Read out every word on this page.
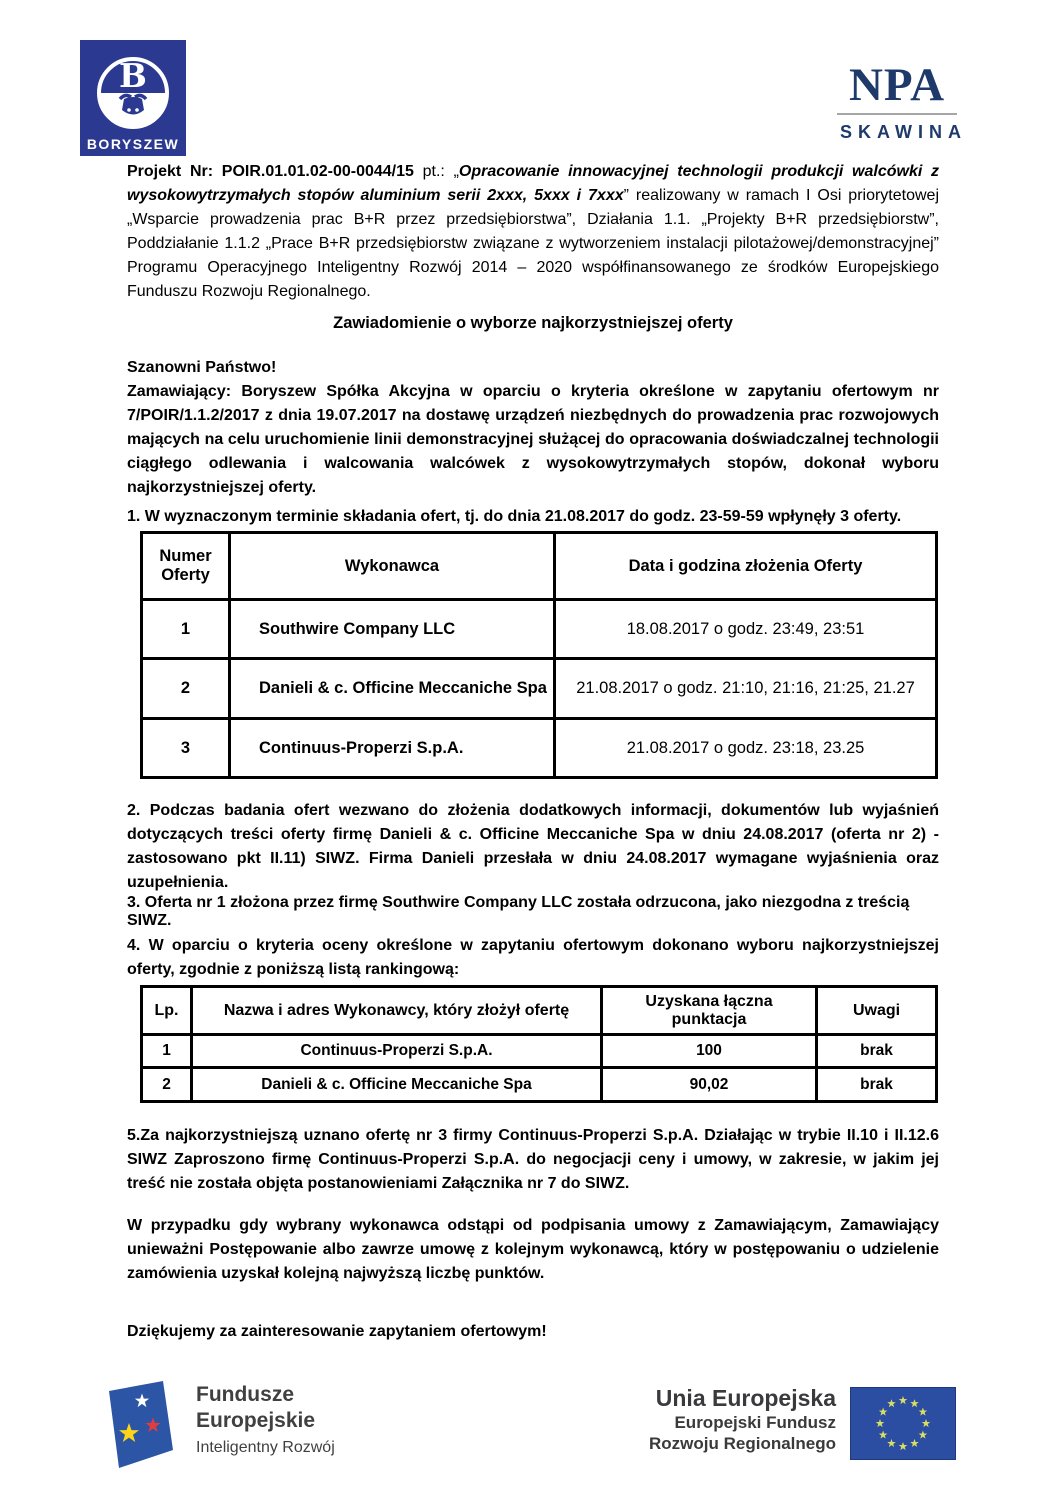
B
BORYSZEW
NPA
SKAWINA

Projekt Nr: POIR.01.01.02-00-0044/15 pt.: „Opracowanie innowacyjnej technologii produkcji walcówki z wysokowytrzymałych stopów aluminium serii 2xxx, 5xxx i 7xxx” realizowany w ramach I Osi priorytetowej „Wsparcie prowadzenia prac B+R przez przedsiębiorstwa”, Działania 1.1. „Projekty B+R przedsiębiorstw”, Poddziałanie 1.1.2 „Prace B+R przedsiębiorstw związane z wytworzeniem instalacji pilotażowej/demonstracyjnej” Programu Operacyjnego Inteligentny Rozwój 2014 – 2020 współfinansowanego ze środków Europejskiego Funduszu Rozwoju Regionalnego.

Zawiadomienie o wyborze najkorzystniejszej oferty

Szanowni Państwo!

Zamawiający: Boryszew Spółka Akcyjna w oparciu o kryteria określone w zapytaniu ofertowym nr 7/POIR/1.1.2/2017 z dnia 19.07.2017 na dostawę urządzeń niezbędnych do prowadzenia prac rozwojowych mających na celu uruchomienie linii demonstracyjnej służącej do opracowania doświadczalnej technologii ciągłego odlewania i walcowania walcówek z wysokowytrzymałych stopów, dokonał wyboru najkorzystniejszej oferty.

1. W wyznaczonym terminie składania ofert, tj. do dnia 21.08.2017 do godz. 23-59-59 wpłynęły 3 oferty.

Numer Oferty	Wykonawca	Data i godzina złożenia Oferty
1	Southwire Company LLC	18.08.2017 o godz. 23:49, 23:51
2	Danieli & c. Officine Meccaniche Spa	21.08.2017 o godz. 21:10, 21:16, 21:25, 21.27
3	Continuus-Properzi S.p.A.	21.08.2017 o godz. 23:18, 23.25

2. Podczas badania ofert wezwano do złożenia dodatkowych informacji, dokumentów lub wyjaśnień dotyczących treści oferty firmę Danieli & c. Officine Meccaniche Spa w dniu 24.08.2017 (oferta nr 2) - zastosowano pkt II.11) SIWZ. Firma Danieli przesłała w dniu 24.08.2017 wymagane wyjaśnienia oraz uzupełnienia.

3. Oferta nr 1 złożona przez firmę Southwire Company LLC została odrzucona, jako niezgodna z treścią SIWZ.

4. W oparciu o kryteria oceny określone w zapytaniu ofertowym dokonano wyboru najkorzystniejszej oferty, zgodnie z poniższą listą rankingową:

Lp.	Nazwa i adres Wykonawcy, który złożył ofertę	Uzyskana łączna punktacja	Uwagi
1	Continuus-Properzi S.p.A.	100	brak
2	Danieli & c. Officine Meccaniche Spa	90,02	brak

5.Za najkorzystniejszą uznano ofertę nr 3 firmy Continuus-Properzi S.p.A. Działając w trybie II.10 i II.12.6 SIWZ Zaproszono firmę Continuus-Properzi S.p.A. do negocjacji ceny i umowy, w zakresie, w jakim jej treść nie została objęta postanowieniami Załącznika nr 7 do SIWZ.

W przypadku gdy wybrany wykonawca odstąpi od podpisania umowy z Zamawiającym, Zamawiający unieważni Postępowanie albo zawrze umowę z kolejnym wykonawcą, który w postępowaniu o udzielenie zamówienia uzyskał kolejną najwyższą liczbę punktów.

Dziękujemy za zainteresowanie zapytaniem ofertowym!

Fundusze
Europejskie
Inteligentny Rozwój
Unia Europejska
Europejski Fundusz
Rozwoju Regionalnego
